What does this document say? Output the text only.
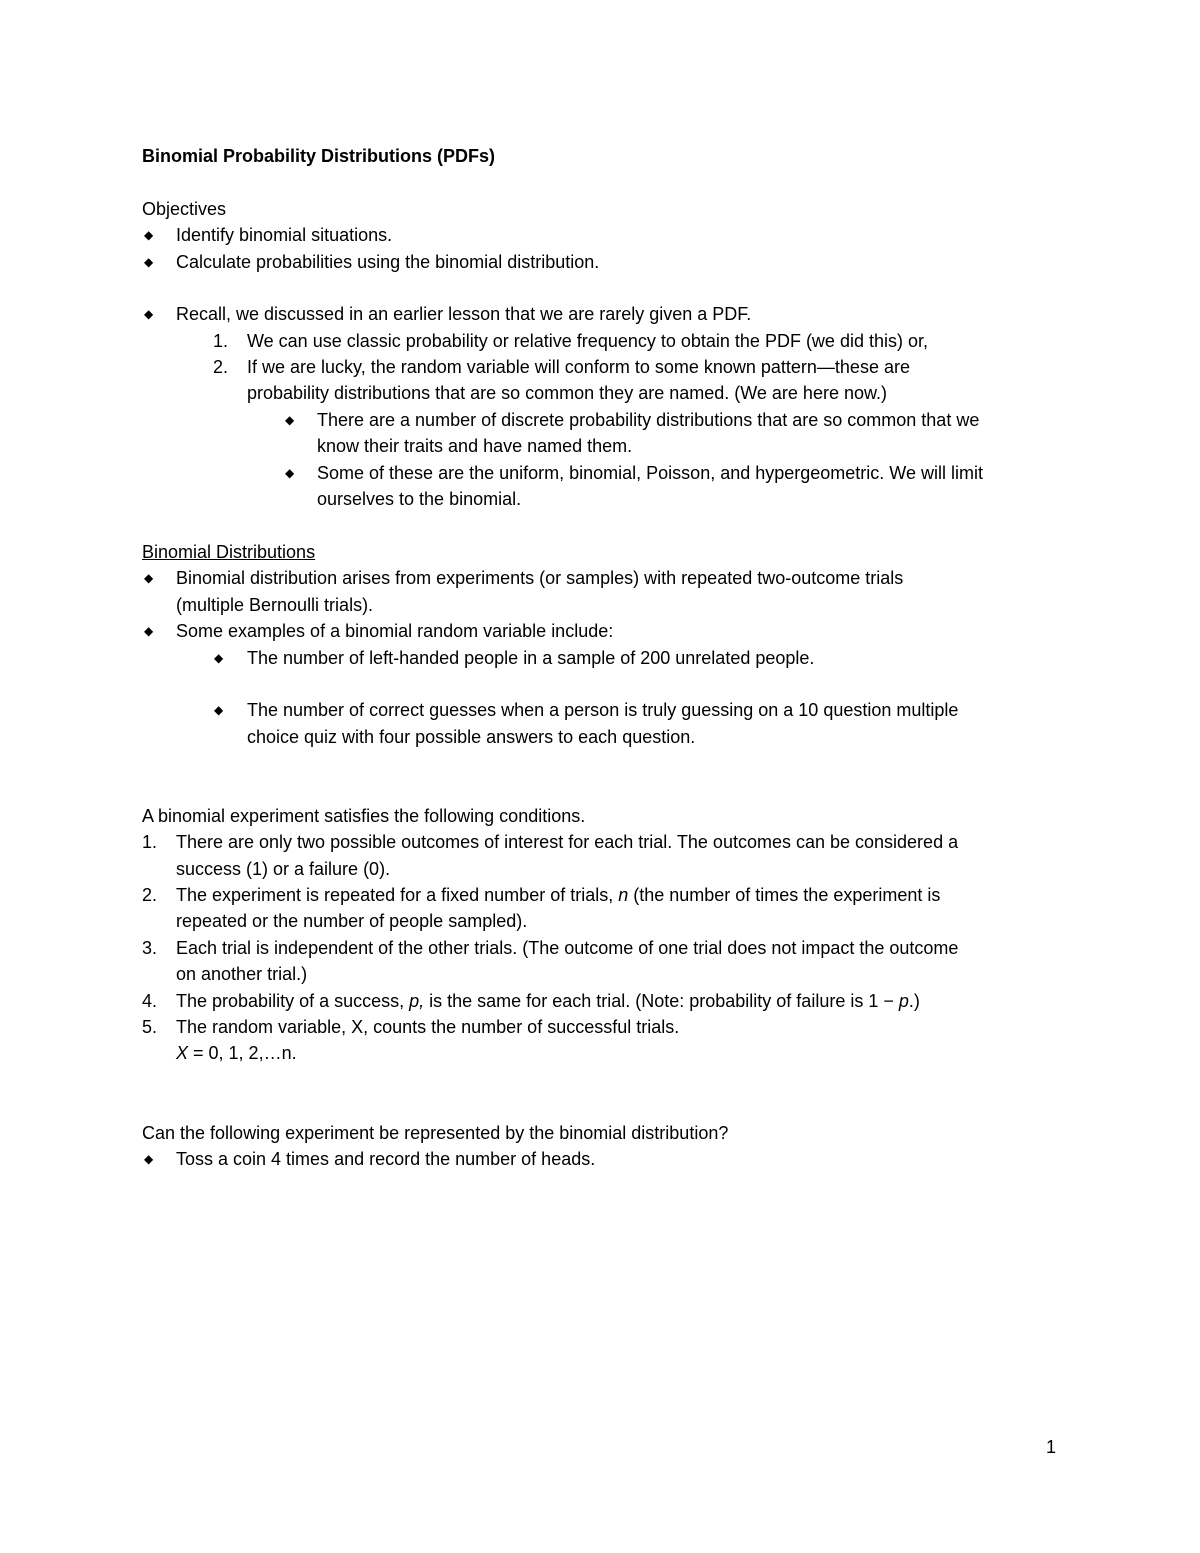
Binomial Probability Distributions (PDFs)
Objectives
◆ Identify binomial situations.
◆ Calculate probabilities using the binomial distribution.
◆ Recall, we discussed in an earlier lesson that we are rarely given a PDF.
1. We can use classic probability or relative frequency to obtain the PDF (we did this) or,
2. If we are lucky, the random variable will conform to some known pattern—these are
probability distributions that are so common they are named. (We are here now.)
◆ There are a number of discrete probability distributions that are so common that we
know their traits and have named them.
◆ Some of these are the uniform, binomial, Poisson, and hypergeometric. We will limit
ourselves to the binomial.
Binomial Distributions
◆ Binomial distribution arises from experiments (or samples) with repeated two-outcome trials
(multiple Bernoulli trials).
◆ Some examples of a binomial random variable include:
◆ The number of left-handed people in a sample of 200 unrelated people.
◆ The number of correct guesses when a person is truly guessing on a 10 question multiple
choice quiz with four possible answers to each question.
A binomial experiment satisfies the following conditions.
1. There are only two possible outcomes of interest for each trial. The outcomes can be considered a
success (1) or a failure (0).
2. The experiment is repeated for a fixed number of trials, n (the number of times the experiment is
repeated or the number of people sampled).
3. Each trial is independent of the other trials. (The outcome of one trial does not impact the outcome
on another trial.)
4. The probability of a success, p, is the same for each trial. (Note: probability of failure is 1 − p.)
5. The random variable, X, counts the number of successful trials.
X = 0, 1, 2,…n.
Can the following experiment be represented by the binomial distribution?
◆ Toss a coin 4 times and record the number of heads.
1
